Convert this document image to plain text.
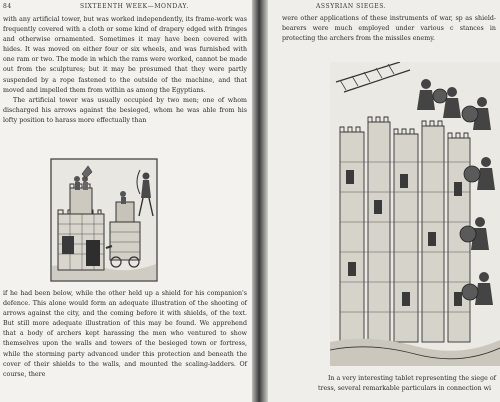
84	SIXTEENTH WEEK—MONDAY.

with any artificial tower, but was worked independently, its frame-work was frequently covered with a cloth or some kind of drapery edged with fringes and otherwise ornamented. Sometimes it may have been covered with hides. It was moved on either four or six wheels, and was furnished with one ram or two. The mode in which the rams were worked, cannot be made out from the sculptures; but it may be presumed that they were partly suspended by a rope fastened to the outside of the machine, and that moved and impelled them from within as among the Egyptians.

The artificial tower was usually occupied by two men; one of whom discharged his arrows against the besieged, whom he was able from his lofty position to harass more effectually than

if he had been below, while the other held up a shield for his companion's defence. This alone would form an adequate illustration of the shooting of arrows against the city, and the coming before it with shields, of the text. But still more adequate illustration of this may be found. We apprehend that a body of archers kept harassing the men who ventured to show themselves upon the walls and towers of the besieged town or fortress, while the storming party advanced under this protection and beneath the cover of their shields to the walls, and mounted the scaling-ladders. Of course, there

ASSYRIAN SIEGES.

were other applications of these instruments of war, sp as shield-bearers were much employed under various c stances in protecting the archers from the missiles enemy.

In a very interesting tablet representing the siege of tress, several remarkable particulars in connection wi
